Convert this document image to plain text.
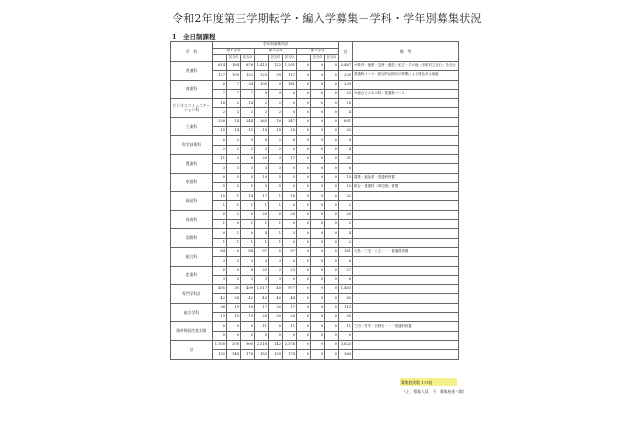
令和2年度第三学期転学・編入学募集－学科・学年別募集状況
1　全日制課程
学　科	学年別募集内訳									計	備　考
	第１学年			第２学年			第３学年				
		区分1	区分2		区分1	区分2		区分1	区分2		
普通科	614	184	676	1,413	122	1,291	0	0	0	2,467	※県内・他県・定時・通信・私立・その他（市町村立含む）を含む
	127	109	122	125	99	117	0	0	0	229	普通科コース・総合的な探究の時間による特色ある取組
商業科	0	7	34	190	9	181	0	0	0	239	
	7	7	7	9	9	0	0	0	0	23	※総合ビジネス科・普通科コース
ビジネスコミュニケーション科	16	2	14	2	2	0	0	0	0	18	
	2	2	2	2	2	0	0	0	0	4	
工業科	228	14	244	365	18	347	0	0	0	601	
	15	14	15	18	18	18	0	0	0	33	
科学技術科	0	2	0	8	2	6	0	0	0	8	
	2	2	2	2	2	0	0	0	0	4	
農業科	11	3	8	20	3	17	0	0	0	31	
	3	3	3	3	3	0	0	0	0	6	
家庭科	0	5	5	10	5	5	0	0	0	15	農業・福祉系・普通科併置
	5	5	5	5	5	0	0	0	0	10	総合・普通科（単位制）併置
福祉科	15	1	14	17	1	16	0	0	0	32	
	1	1	1	1	1	0	0	0	0	2	
体育科	0	2	0	20	0	20	0	0	0	20	
	1	0	1	1	1	0	0	0	0	2	
国際科	0	1	0	4	1	3	0	0	0	4	
	1	1	1	1	1	0	0	0	0	2	
総合科	84	0	84	97	0	97	0	0	0	181	大島・三宅・八丈・・・普通科併置
	3	3	3	3	3	0	0	0	0	6	
産業科	0	0	4	25	2	23	0	0	0	27	
	3	3	3	3	3	0	0	0	0	6	
専門学科計	495	30	499	1,017	40	977	0	0	0	1,465	
	42	38	42	43	40	44	0	0	0	85	
総合学科	36	19	18	17	20	17	0	0	0	113	
	19	19	19	20	20	20	0	0	0	39	
海外帰国生徒対象	0	0	0	11	0	11	0	0	0	11	三田・竹早・日野台・・・普通科併置
	0	0	0	0	0	0	0	0	0	0	
計	1,100	200	900	2,518	142	2,376	0	0	0	3,623	
	192	146	178	183	139	174	0	0	0	360	
募集校実数 171校
（上：募集人員、下：募集校延べ数）
